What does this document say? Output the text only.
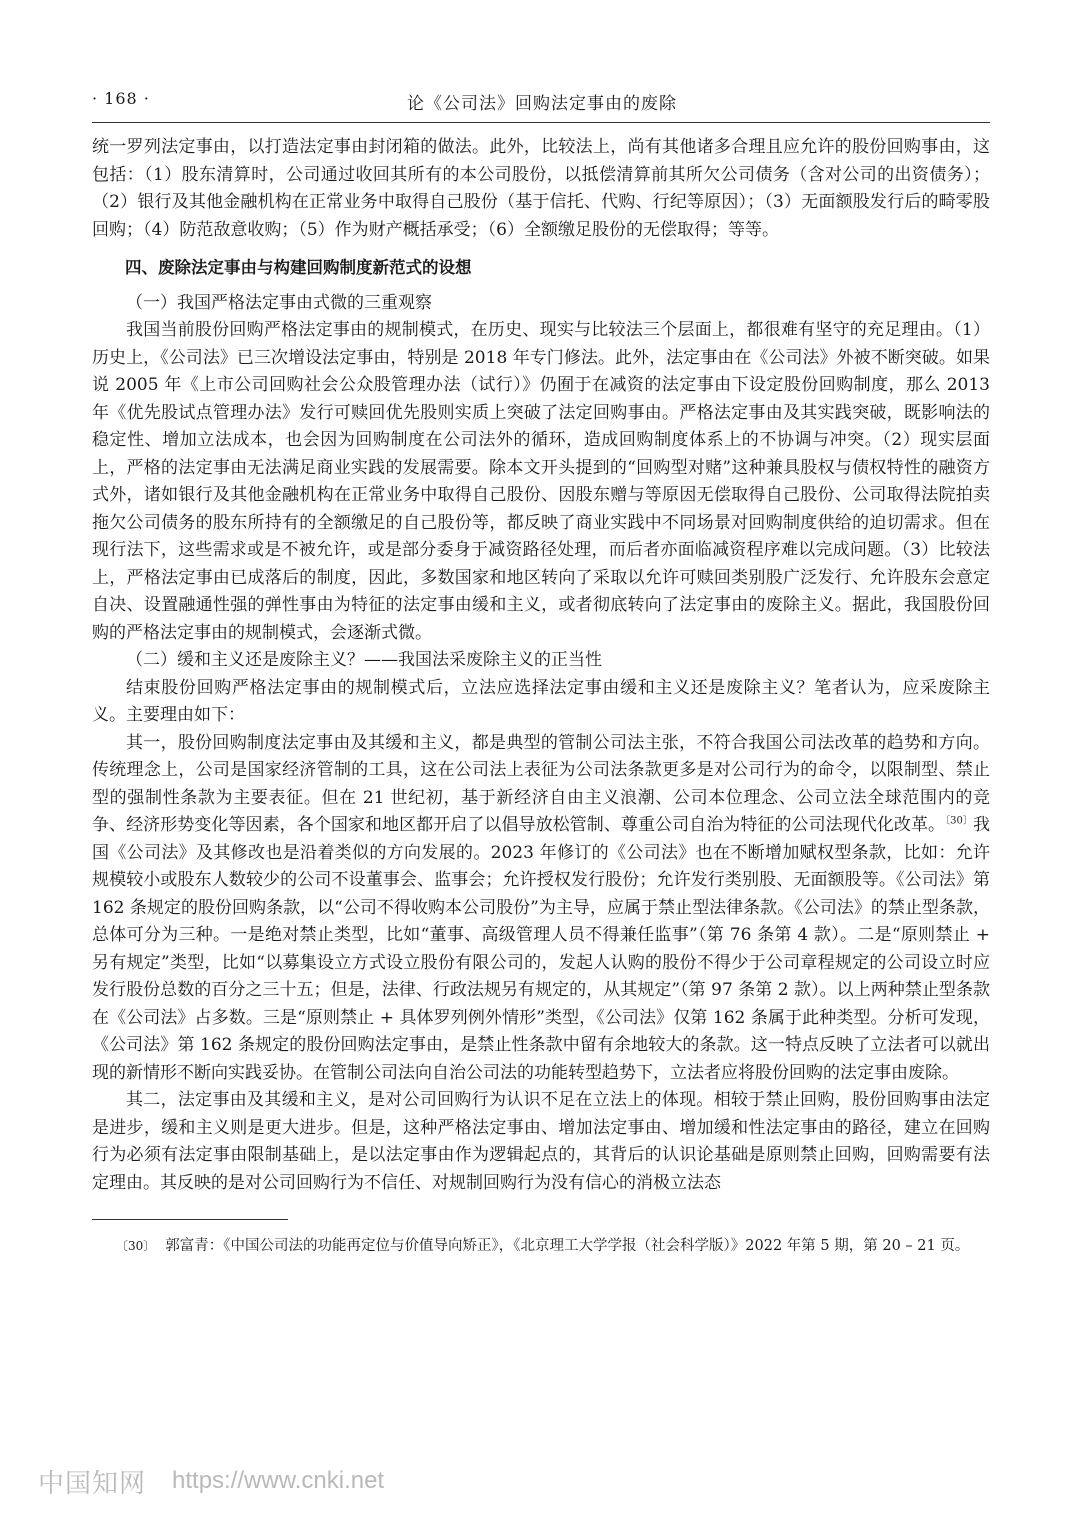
· 168 ·	论《公司法》回购法定事由的废除

统一罗列法定事由，以打造法定事由封闭箱的做法。此外，比较法上，尚有其他诸多合理且应允许的股份回购事由，这包括：（1）股东清算时，公司通过收回其所有的本公司股份，以抵偿清算前其所欠公司债务（含对公司的出资债务）；（2）银行及其他金融机构在正常业务中取得自己股份（基于信托、代购、行纪等原因）；（3）无面额股发行后的畸零股回购；（4）防范敌意收购；（5）作为财产概括承受；（6）全额缴足股份的无偿取得；等等。

四、废除法定事由与构建回购制度新范式的设想

（一）我国严格法定事由式微的三重观察

我国当前股份回购严格法定事由的规制模式，在历史、现实与比较法三个层面上，都很难有坚守的充足理由。（1）历史上，《公司法》已三次增设法定事由，特别是 2018 年专门修法。此外，法定事由在《公司法》外被不断突破。如果说 2005 年《上市公司回购社会公众股管理办法（试行）》仍囿于在减资的法定事由下设定股份回购制度，那么 2013 年《优先股试点管理办法》发行可赎回优先股则实质上突破了法定回购事由。严格法定事由及其实践突破，既影响法的稳定性、增加立法成本，也会因为回购制度在公司法外的循环，造成回购制度体系上的不协调与冲突。（2）现实层面上，严格的法定事由无法满足商业实践的发展需要。除本文开头提到的“回购型对赌”这种兼具股权与债权特性的融资方式外，诸如银行及其他金融机构在正常业务中取得自己股份、因股东赠与等原因无偿取得自己股份、公司取得法院拍卖拖欠公司债务的股东所持有的全额缴足的自己股份等，都反映了商业实践中不同场景对回购制度供给的迫切需求。但在现行法下，这些需求或是不被允许，或是部分委身于减资路径处理，而后者亦面临减资程序难以完成问题。（3）比较法上，严格法定事由已成落后的制度，因此，多数国家和地区转向了采取以允许可赎回类别股广泛发行、允许股东会意定自决、设置融通性强的弹性事由为特征的法定事由缓和主义，或者彻底转向了法定事由的废除主义。据此，我国股份回购的严格法定事由的规制模式，会逐渐式微。

（二）缓和主义还是废除主义？——我国法采废除主义的正当性

结束股份回购严格法定事由的规制模式后，立法应选择法定事由缓和主义还是废除主义？笔者认为，应采废除主义。主要理由如下：

其一，股份回购制度法定事由及其缓和主义，都是典型的管制公司法主张，不符合我国公司法改革的趋势和方向。传统理念上，公司是国家经济管制的工具，这在公司法上表征为公司法条款更多是对公司行为的命令，以限制型、禁止型的强制性条款为主要表征。但在 21 世纪初，基于新经济自由主义浪潮、公司本位理念、公司立法全球范围内的竞争、经济形势变化等因素，各个国家和地区都开启了以倡导放松管制、尊重公司自治为特征的公司法现代化改革。$^{〔30〕}$我国《公司法》及其修改也是沿着类似的方向发展的。2023 年修订的《公司法》也在不断增加赋权型条款，比如：允许规模较小或股东人数较少的公司不设董事会、监事会；允许授权发行股份；允许发行类别股、无面额股等。《公司法》第 162 条规定的股份回购条款，以“公司不得收购本公司股份”为主导，应属于禁止型法律条款。《公司法》的禁止型条款，总体可分为三种。一是绝对禁止类型，比如“董事、高级管理人员不得兼任监事”（第 76 条第 4 款）。二是“原则禁止 + 另有规定”类型，比如“以募集设立方式设立股份有限公司的，发起人认购的股份不得少于公司章程规定的公司设立时应发行股份总数的百分之三十五；但是，法律、行政法规另有规定的，从其规定”（第 97 条第 2 款）。以上两种禁止型条款在《公司法》占多数。三是“原则禁止 + 具体罗列例外情形”类型，《公司法》仅第 162 条属于此种类型。分析可发现，《公司法》第 162 条规定的股份回购法定事由，是禁止性条款中留有余地较大的条款。这一特点反映了立法者可以就出现的新情形不断向实践妥协。在管制公司法向自治公司法的功能转型趋势下，立法者应将股份回购的法定事由废除。

其二，法定事由及其缓和主义，是对公司回购行为认识不足在立法上的体现。相较于禁止回购，股份回购事由法定是进步，缓和主义则是更大进步。但是，这种严格法定事由、增加法定事由、增加缓和性法定事由的路径，建立在回购行为必须有法定事由限制基础上，是以法定事由作为逻辑起点的，其背后的认识论基础是原则禁止回购，回购需要有法定理由。其反映的是对公司回购行为不信任、对规制回购行为没有信心的消极立法态

〔30〕 郭富青：《中国公司法的功能再定位与价值导向矫正》，《北京理工大学学报（社会科学版）》2022 年第 5 期，第 20 – 21 页。
中国知网 https://www.cnki.net
